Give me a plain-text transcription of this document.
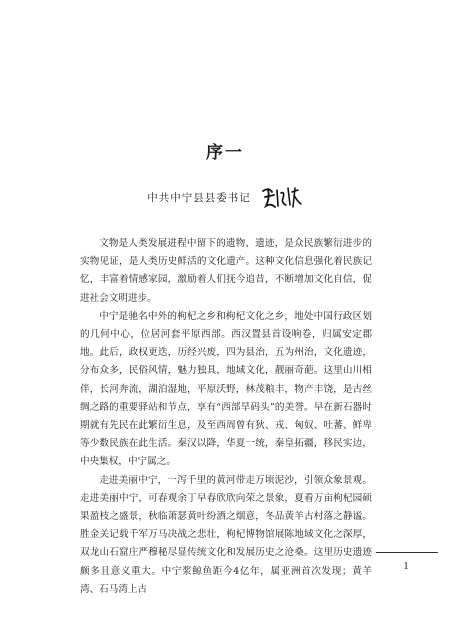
序一
中共中宁县县委书记

文物是人类发展进程中留下的遗物、遗迹，是众民族繁衍进步的实物见证，是人类历史鲜活的文化遗产。这种文化信息强化着民族记忆，丰富着情感家园，激励着人们抚今追昔，不断增加文化自信，促进社会文明进步。

中宁是驰名中外的枸杞之乡和枸杞文化之乡，地处中国行政区划的几何中心，位居河套平原西部。西汉置县首设响卷，归属安定郡地。此后，政权更迭，历经兴废，四为县治，五为州治，文化遗迹，分布众多，民俗风情，魅力独具，地域文化，靓丽奇葩。这里山川相伴，长河奔流，湖泊湿地，平原沃野，林茂粮丰，物产丰饶，是古丝绸之路的重要驿站和节点，享有“西部旱码头”的美誉。早在新石器时期就有先民在此繁衍生息，及至西周曾有狄、戎、匈奴、吐蕃、鲜卑等少数民族在此生活。秦汉以降，华夏一统，秦皇拓疆，移民实边，中央集权，中宁属之。

走进美丽中宁，一泻千里的黄河带走万顷泥沙，引领众象景观。走进美丽中宁，可春观余丁早春欣欣向荣之景象，夏看万亩枸杞园硕果盈枝之盛景，秋临萧瑟黄叶纷洒之烟意，冬品黄羊古村落之静谧。胜金关记载千军万马决战之悲壮，枸杞博物馆展陈地域文化之深厚，双龙山石窟庄严穆秘尽显传统文化和发展历史之沧桑。这里历史遗迹颇多且意义重大。中宁浆鲸鱼距今4亿年，属亚洲首次发现；黄羊湾、石马湾上古

1
